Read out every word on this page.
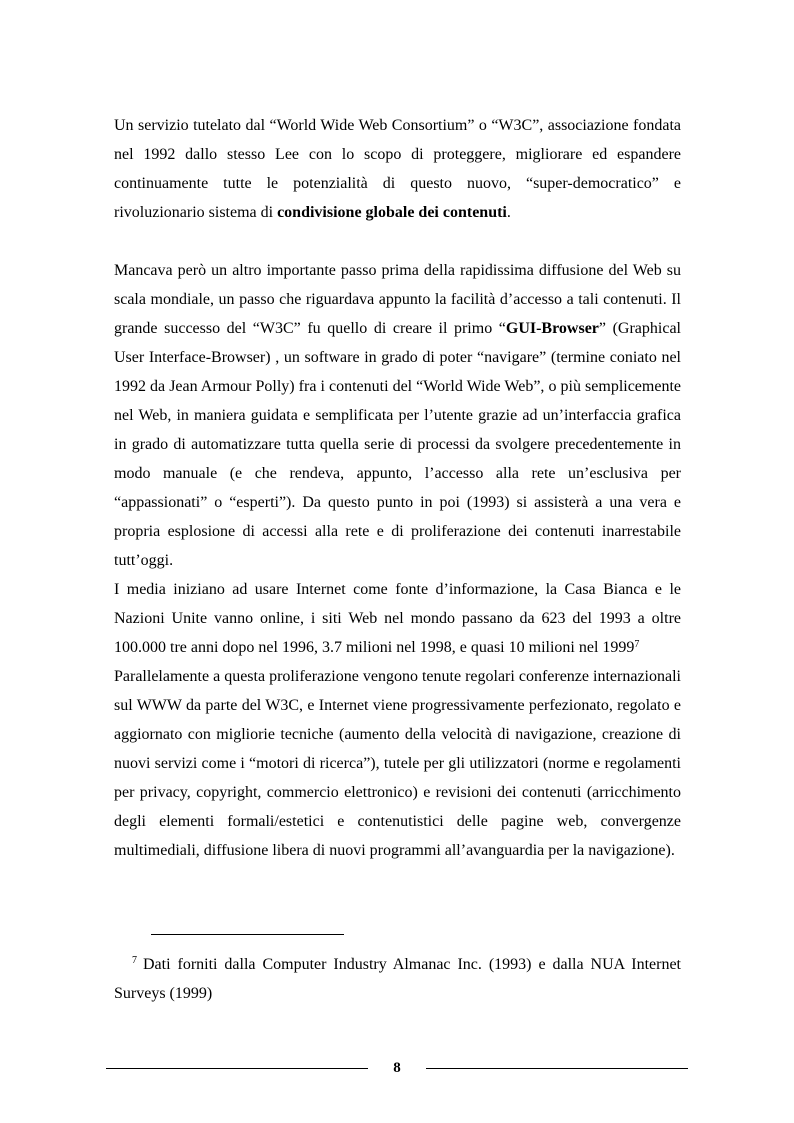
Un servizio tutelato dal “World Wide Web Consortium” o “W3C”, associazione fondata nel 1992 dallo stesso Lee con lo scopo di proteggere, migliorare ed espandere continuamente tutte le potenzialità di questo nuovo, “super-democratico” e rivoluzionario sistema di condivisione globale dei contenuti.

Mancava però un altro importante passo prima della rapidissima diffusione del Web su scala mondiale, un passo che riguardava appunto la facilità d’accesso a tali contenuti. Il grande successo del “W3C” fu quello di creare il primo “GUI-Browser” (Graphical User Interface-Browser) , un software in grado di poter “navigare” (termine coniato nel 1992 da Jean Armour Polly) fra i contenuti del “World Wide Web”, o più semplicemente nel Web, in maniera guidata e semplificata per l’utente grazie ad un’interfaccia grafica in grado di automatizzare tutta quella serie di processi da svolgere precedentemente in modo manuale (e che rendeva, appunto, l’accesso alla rete un’esclusiva per “appassionati” o “esperti”). Da questo punto in poi (1993) si assisterà a una vera e propria esplosione di accessi alla rete e di proliferazione dei contenuti inarrestabile tutt’oggi.

I media iniziano ad usare Internet come fonte d’informazione, la Casa Bianca e le Nazioni Unite vanno online, i siti Web nel mondo passano da 623 del 1993 a oltre 100.000 tre anni dopo nel 1996, 3.7 milioni nel 1998, e quasi 10 milioni nel 1999$^7$

Parallelamente a questa proliferazione vengono tenute regolari conferenze internazionali sul WWW da parte del W3C, e Internet viene progressivamente perfezionato, regolato e aggiornato con migliorie tecniche (aumento della velocità di navigazione, creazione di nuovi servizi come i “motori di ricerca”), tutele per gli utilizzatori (norme e regolamenti per privacy, copyright, commercio elettronico) e revisioni dei contenuti (arricchimento degli elementi formali/estetici e contenutistici delle pagine web, convergenze multimediali, diffusione libera di nuovi programmi all’avanguardia per la navigazione).

$^7$ Dati forniti dalla Computer Industry Almanac Inc. (1993) e dalla NUA Internet Surveys (1999)
8
